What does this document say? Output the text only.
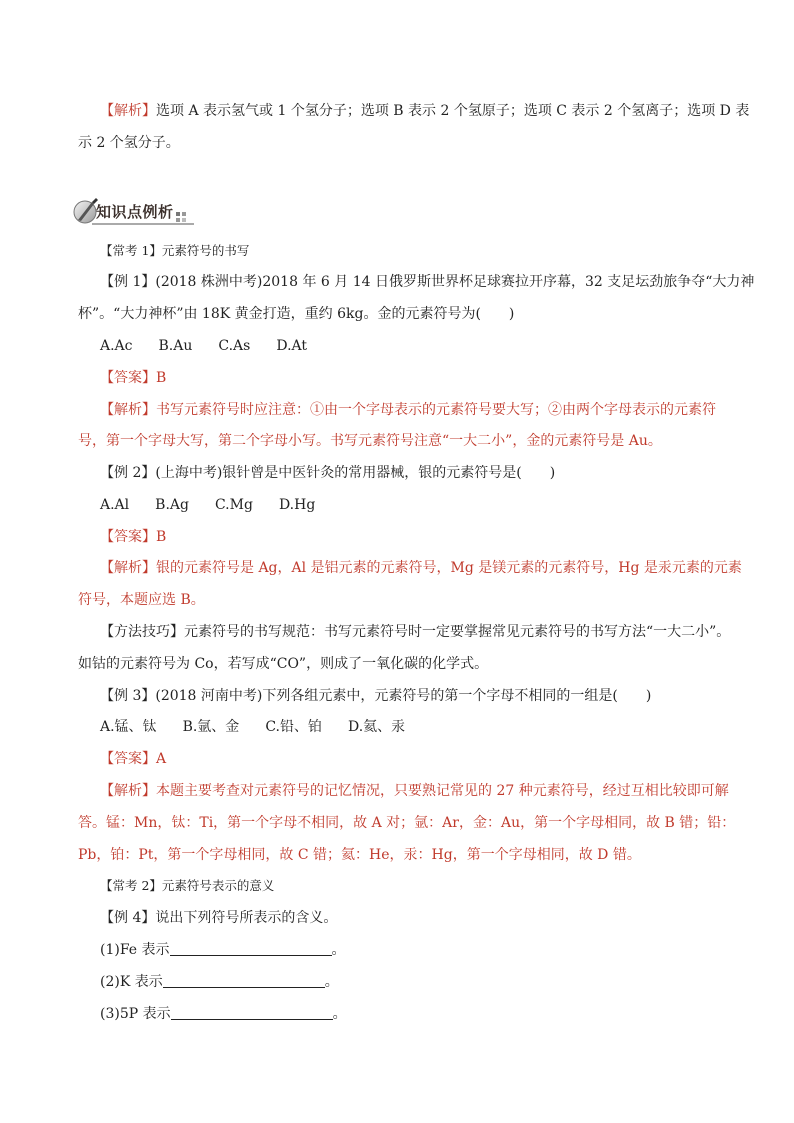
【解析】选项 A 表示氢气或 1 个氢分子；选项 B 表示 2 个氢原子；选项 C 表示 2 个氢离子；选项 D 表
示 2 个氢分子。
知识点例析
【常考 1】元素符号的书写
【例 1】(2018 株洲中考)2018 年 6 月 14 日俄罗斯世界杯足球赛拉开序幕，32 支足坛劲旅争夺“大力神
杯”。“大力神杯”由 18K 黄金打造，重约 6kg。金的元素符号为(　　)
A.Ac B.Au C.As D.At
【答案】B
【解析】书写元素符号时应注意：①由一个字母表示的元素符号要大写；②由两个字母表示的元素符
号，第一个字母大写，第二个字母小写。书写元素符号注意“一大二小”，金的元素符号是 Au。
【例 2】(上海中考)银针曾是中医针灸的常用器械，银的元素符号是(　　)
A.Al B.Ag C.Mg D.Hg
【答案】B
【解析】银的元素符号是 Ag，Al 是铝元素的元素符号，Mg 是镁元素的元素符号，Hg 是汞元素的元素
符号，本题应选 B。
【方法技巧】元素符号的书写规范：书写元素符号时一定要掌握常见元素符号的书写方法“一大二小”。
如钴的元素符号为 Co，若写成“CO”，则成了一氧化碳的化学式。
【例 3】(2018 河南中考)下列各组元素中，元素符号的第一个字母不相同的一组是(　　)
A.锰、钛 B.氩、金 C.铅、铂 D.氦、汞
【答案】A
【解析】本题主要考查对元素符号的记忆情况，只要熟记常见的 27 种元素符号，经过互相比较即可解
答。锰：Mn，钛：Ti，第一个字母不相同，故 A 对；氩：Ar，金：Au，第一个字母相同，故 B 错；铅：
Pb，铂：Pt，第一个字母相同，故 C 错；氦：He，汞：Hg，第一个字母相同，故 D 错。
【常考 2】元素符号表示的意义
【例 4】说出下列符号所表示的含义。
(1)Fe 表示	。
(2)K 表示	。
(3)5P 表示	。
